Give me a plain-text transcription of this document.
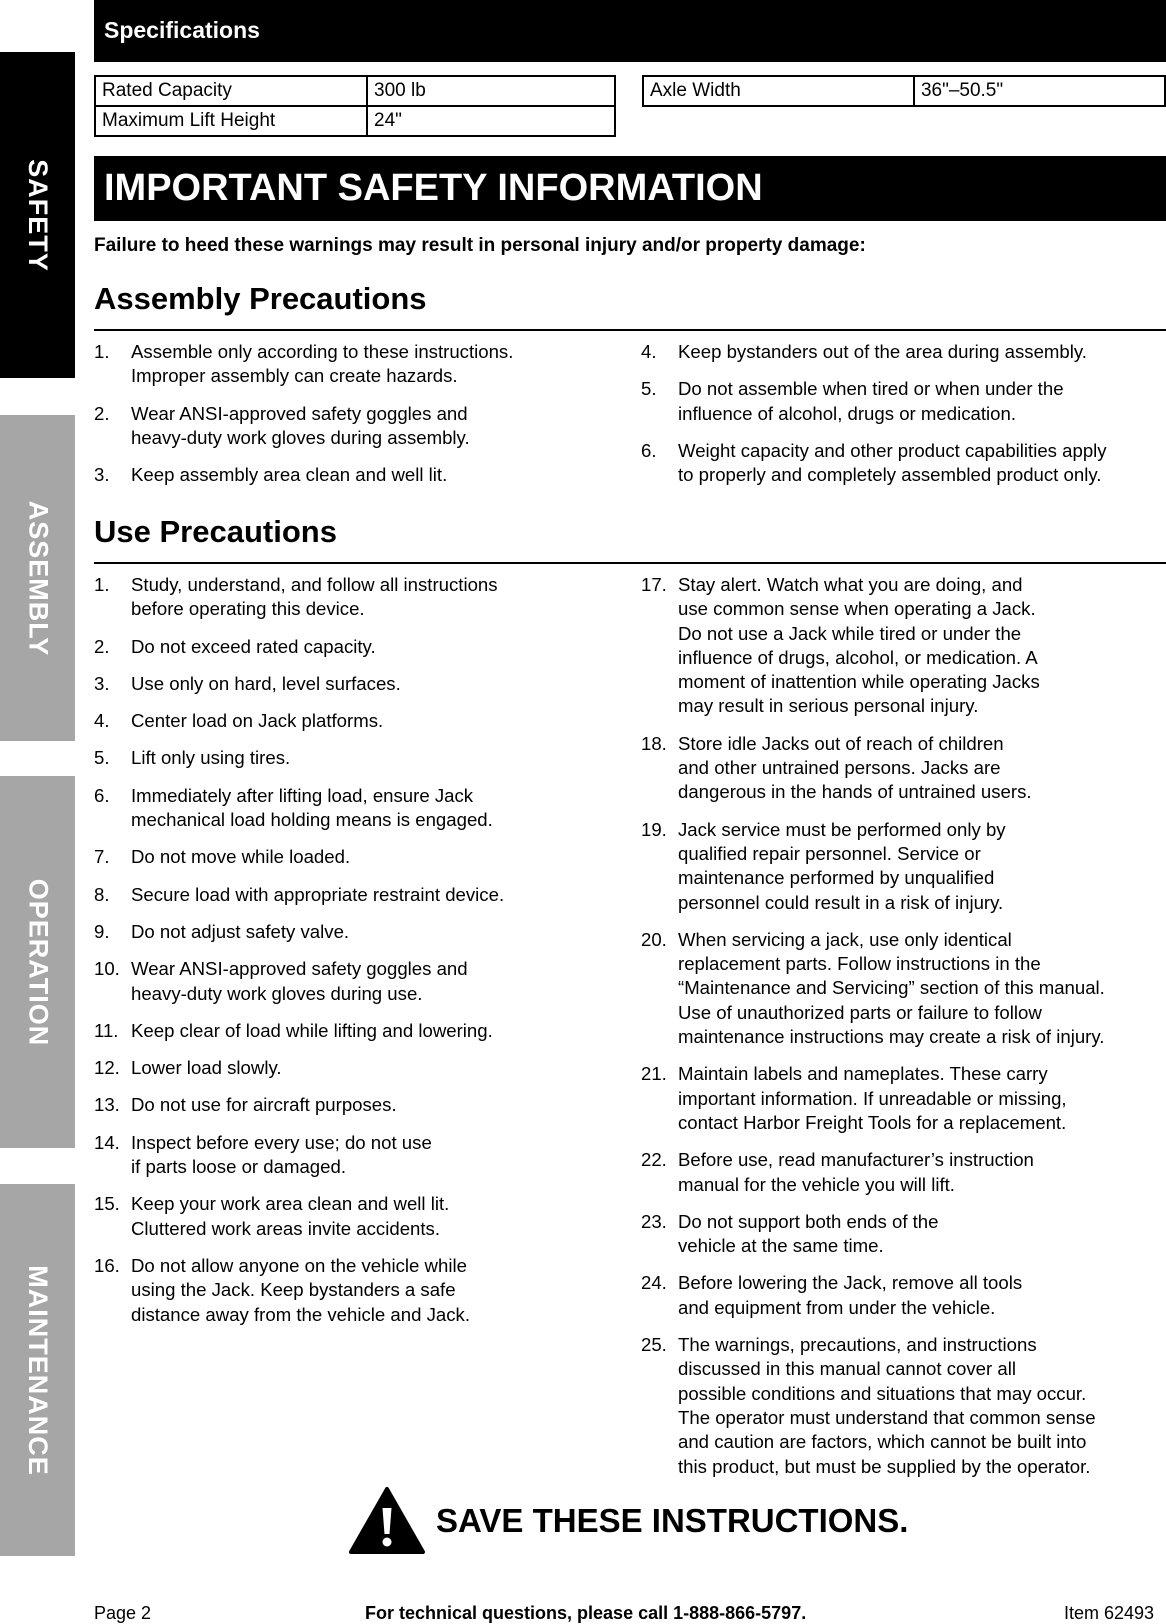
SAFETY
ASSEMBLY
OPERATION
MAINTENANCE
Specifications
Rated Capacity	300 lb
Maximum Lift Height	24"
Axle Width	36"–50.5"
IMPORTANT SAFETY INFORMATION
Failure to heed these warnings may result in personal injury and/or property damage:
Assembly Precautions
1.	Assemble only according to these instructions.
Improper assembly can create hazards.
2.	Wear ANSI-approved safety goggles and
heavy-duty work gloves during assembly.
3.	Keep assembly area clean and well lit.
4.	Keep bystanders out of the area during assembly.
5.	Do not assemble when tired or when under the
influence of alcohol, drugs or medication.
6.	Weight capacity and other product capabilities apply
to properly and completely assembled product only.
Use Precautions
1.	Study, understand, and follow all instructions
before operating this device.
2.	Do not exceed rated capacity.
3.	Use only on hard, level surfaces.
4.	Center load on Jack platforms.
5.	Lift only using tires.
6.	Immediately after lifting load, ensure Jack
mechanical load holding means is engaged.
7.	Do not move while loaded.
8.	Secure load with appropriate restraint device.
9.	Do not adjust safety valve.
10. Wear ANSI-approved safety goggles and
heavy-duty work gloves during use.
11. Keep clear of load while lifting and lowering.
12. Lower load slowly.
13. Do not use for aircraft purposes.
14. Inspect before every use; do not use
if parts loose or damaged.
15. Keep your work area clean and well lit.
Cluttered work areas invite accidents.
16. Do not allow anyone on the vehicle while
using the Jack. Keep bystanders a safe
distance away from the vehicle and Jack.
17. Stay alert. Watch what you are doing, and
use common sense when operating a Jack.
Do not use a Jack while tired or under the
influence of drugs, alcohol, or medication. A
moment of inattention while operating Jacks
may result in serious personal injury.
18. Store idle Jacks out of reach of children
and other untrained persons. Jacks are
dangerous in the hands of untrained users.
19. Jack service must be performed only by
qualified repair personnel. Service or
maintenance performed by unqualified
personnel could result in a risk of injury.
20. When servicing a jack, use only identical
replacement parts. Follow instructions in the
“Maintenance and Servicing” section of this manual.
Use of unauthorized parts or failure to follow
maintenance instructions may create a risk of injury.
21. Maintain labels and nameplates. These carry
important information. If unreadable or missing,
contact Harbor Freight Tools for a replacement.
22. Before use, read manufacturer’s instruction
manual for the vehicle you will lift.
23. Do not support both ends of the
vehicle at the same time.
24. Before lowering the Jack, remove all tools
and equipment from under the vehicle.
25. The warnings, precautions, and instructions
discussed in this manual cannot cover all
possible conditions and situations that may occur.
The operator must understand that common sense
and caution are factors, which cannot be built into
this product, but must be supplied by the operator.
SAVE THESE INSTRUCTIONS.
Page 2	For technical questions, please call 1-888-866-5797.	Item 62493
